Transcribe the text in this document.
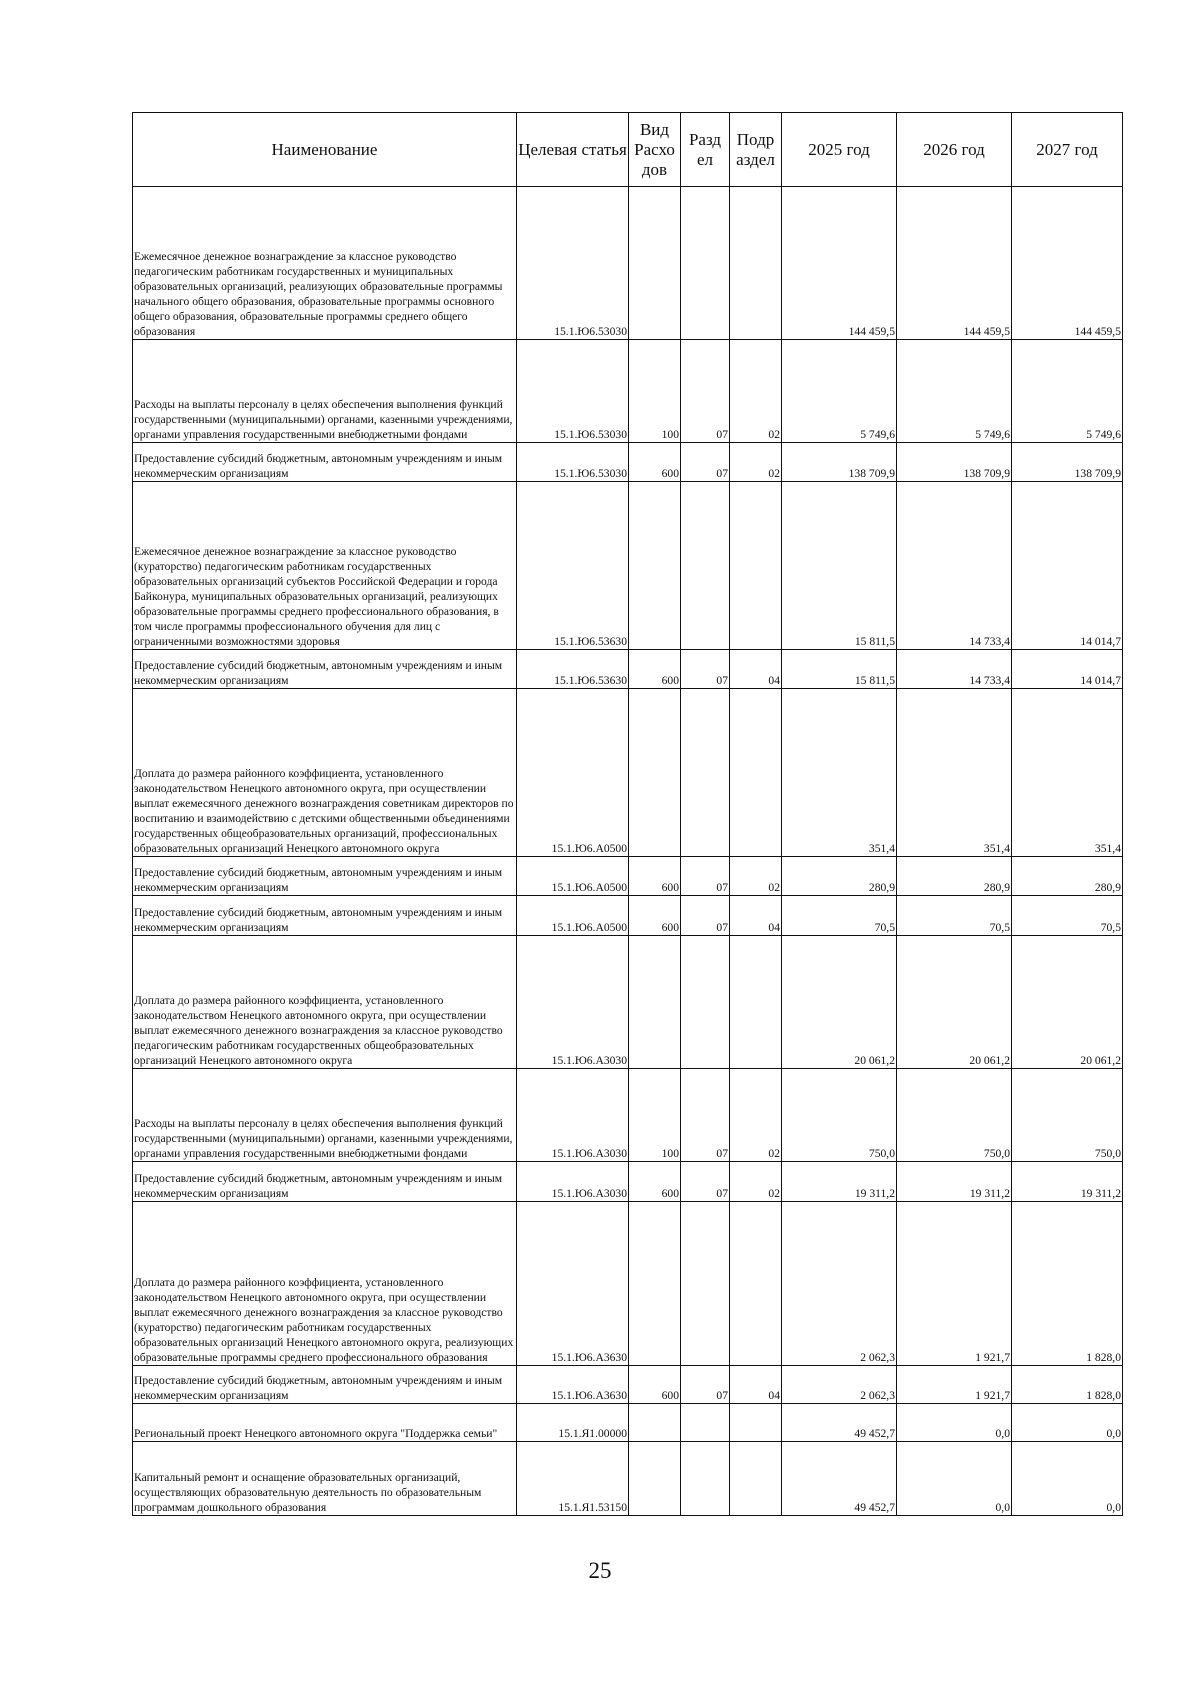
Наименование	Целевая статья	Вид Расхо дов	Разд ел	Подр аздел	2025 год	2026 год	2027 год
Ежемесячное денежное вознаграждение за классное руководство педагогическим работникам государственных и муниципальных образовательных организаций, реализующих образовательные программы начального общего образования, образовательные программы основного общего образования, образовательные программы среднего общего образования	15.1.Ю6.53030				144 459,5	144 459,5	144 459,5
Расходы на выплаты персоналу в целях обеспечения выполнения функций государственными (муниципальными) органами, казенными учреждениями, органами управления государственными внебюджетными фондами	15.1.Ю6.53030	100	07	02	5 749,6	5 749,6	5 749,6
Предоставление субсидий бюджетным, автономным учреждениям и иным некоммерческим организациям	15.1.Ю6.53030	600	07	02	138 709,9	138 709,9	138 709,9
Ежемесячное денежное вознаграждение за классное руководство (кураторство) педагогическим работникам государственных образовательных организаций субъектов Российской Федерации и города Байконура, муниципальных образовательных организаций, реализующих образовательные программы среднего профессионального образования, в том числе программы профессионального обучения для лиц с ограниченными возможностями здоровья	15.1.Ю6.53630				15 811,5	14 733,4	14 014,7
Предоставление субсидий бюджетным, автономным учреждениям и иным некоммерческим организациям	15.1.Ю6.53630	600	07	04	15 811,5	14 733,4	14 014,7
Доплата до размера районного коэффициента, установленного законодательством Ненецкого автономного округа, при осуществлении выплат ежемесячного денежного вознаграждения советникам директоров по воспитанию и взаимодействию с детскими общественными объединениями государственных общеобразовательных организаций, профессиональных образовательных организаций Ненецкого автономного округа	15.1.Ю6.А0500				351,4	351,4	351,4
Предоставление субсидий бюджетным, автономным учреждениям и иным некоммерческим организациям	15.1.Ю6.А0500	600	07	02	280,9	280,9	280,9
Предоставление субсидий бюджетным, автономным учреждениям и иным некоммерческим организациям	15.1.Ю6.А0500	600	07	04	70,5	70,5	70,5
Доплата до размера районного коэффициента, установленного законодательством Ненецкого автономного округа, при осуществлении выплат ежемесячного денежного вознаграждения за классное руководство педагогическим работникам государственных общеобразовательных организаций Ненецкого автономного округа	15.1.Ю6.А3030				20 061,2	20 061,2	20 061,2
Расходы на выплаты персоналу в целях обеспечения выполнения функций государственными (муниципальными) органами, казенными учреждениями, органами управления государственными внебюджетными фондами	15.1.Ю6.А3030	100	07	02	750,0	750,0	750,0
Предоставление субсидий бюджетным, автономным учреждениям и иным некоммерческим организациям	15.1.Ю6.А3030	600	07	02	19 311,2	19 311,2	19 311,2
Доплата до размера районного коэффициента, установленного законодательством Ненецкого автономного округа, при осуществлении выплат ежемесячного денежного вознаграждения за классное руководство (кураторство) педагогическим работникам государственных образовательных организаций Ненецкого автономного округа, реализующих образовательные программы среднего профессионального образования	15.1.Ю6.А3630				2 062,3	1 921,7	1 828,0
Предоставление субсидий бюджетным, автономным учреждениям и иным некоммерческим организациям	15.1.Ю6.А3630	600	07	04	2 062,3	1 921,7	1 828,0
Региональный проект Ненецкого автономного округа "Поддержка семьи"	15.1.Я1.00000				49 452,7	0,0	0,0
Капитальный ремонт и оснащение образовательных организаций, осуществляющих образовательную деятельность по образовательным программам дошкольного образования	15.1.Я1.53150				49 452,7	0,0	0,0
25
